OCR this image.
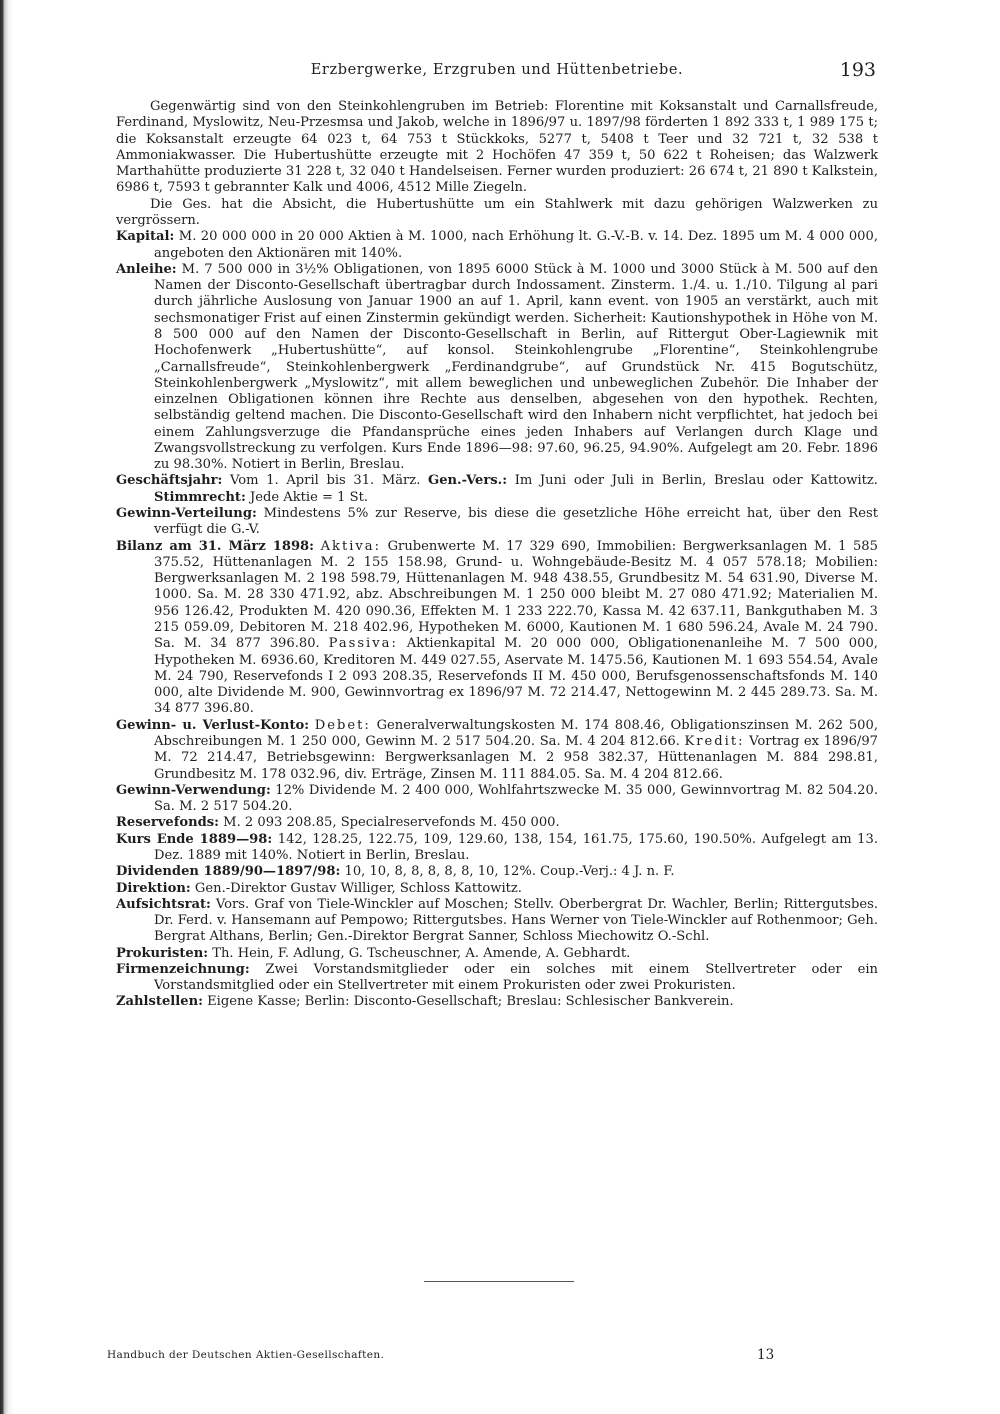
Erzbergwerke, Erzgruben und Hüttenbetriebe.	193

Gegenwärtig sind von den Steinkohlengruben im Betrieb: Florentine mit Koksanstalt und Carnallsfreude, Ferdinand, Myslowitz, Neu-Przesmsa und Jakob, welche in 1896/97 u. 1897/98 förderten 1 892 333 t, 1 989 175 t; die Koksanstalt erzeugte 64 023 t, 64 753 t Stückkoks, 5277 t, 5408 t Teer und 32 721 t, 32 538 t Ammoniakwasser. Die Hubertushütte erzeugte mit 2 Hochöfen 47 359 t, 50 622 t Roheisen; das Walzwerk Marthahütte produzierte 31 228 t, 32 040 t Handelseisen. Ferner wurden produziert: 26 674 t, 21 890 t Kalkstein, 6986 t, 7593 t gebrannter Kalk und 4006, 4512 Mille Ziegeln.

Die Ges. hat die Absicht, die Hubertushütte um ein Stahlwerk mit dazu gehörigen Walzwerken zu vergrössern.

Kapital: M. 20 000 000 in 20 000 Aktien à M. 1000, nach Erhöhung lt. G.-V.-B. v. 14. Dez. 1895 um M. 4 000 000, angeboten den Aktionären mit 140%.

Anleihe: M. 7 500 000 in 3½% Obligationen, von 1895 6000 Stück à M. 1000 und 3000 Stück à M. 500 auf den Namen der Disconto-Gesellschaft übertragbar durch Indossament. Zinsterm. 1./4. u. 1./10. Tilgung al pari durch jährliche Auslosung von Januar 1900 an auf 1. April, kann event. von 1905 an verstärkt, auch mit sechsmonatiger Frist auf einen Zinstermin gekündigt werden. Sicherheit: Kautionshypothek in Höhe von M. 8 500 000 auf den Namen der Disconto-Gesellschaft in Berlin, auf Rittergut Ober-Lagiewnik mit Hochofenwerk „Hubertushütte“, auf konsol. Steinkohlengrube „Florentine“, Steinkohlengrube „Carnallsfreude“, Steinkohlenbergwerk „Ferdinandgrube“, auf Grundstück Nr. 415 Bogutschütz, Steinkohlenbergwerk „Myslowitz“, mit allem beweglichen und unbeweglichen Zubehör. Die Inhaber der einzelnen Obligationen können ihre Rechte aus denselben, abgesehen von den hypothek. Rechten, selbständig geltend machen. Die Disconto-Gesellschaft wird den Inhabern nicht verpflichtet, hat jedoch bei einem Zahlungsverzuge die Pfandansprüche eines jeden Inhabers auf Verlangen durch Klage und Zwangsvollstreckung zu verfolgen. Kurs Ende 1896—98: 97.60, 96.25, 94.90%. Aufgelegt am 20. Febr. 1896 zu 98.30%. Notiert in Berlin, Breslau.

Geschäftsjahr: Vom 1. April bis 31. März. Gen.-Vers.: Im Juni oder Juli in Berlin, Breslau oder Kattowitz. Stimmrecht: Jede Aktie = 1 St.

Gewinn-Verteilung: Mindestens 5% zur Reserve, bis diese die gesetzliche Höhe erreicht hat, über den Rest verfügt die G.-V.

Bilanz am 31. März 1898: Aktiva: Grubenwerte M. 17 329 690, Immobilien: Bergwerksanlagen M. 1 585 375.52, Hüttenanlagen M. 2 155 158.98, Grund- u. Wohngebäude-Besitz M. 4 057 578.18; Mobilien: Bergwerksanlagen M. 2 198 598.79, Hüttenanlagen M. 948 438.55, Grundbesitz M. 54 631.90, Diverse M. 1000. Sa. M. 28 330 471.92, abz. Abschreibungen M. 1 250 000 bleibt M. 27 080 471.92; Materialien M. 956 126.42, Produkten M. 420 090.36, Effekten M. 1 233 222.70, Kassa M. 42 637.11, Bankguthaben M. 3 215 059.09, Debitoren M. 218 402.96, Hypotheken M. 6000, Kautionen M. 1 680 596.24, Avale M. 24 790. Sa. M. 34 877 396.80. Passiva: Aktienkapital M. 20 000 000, Obligationenanleihe M. 7 500 000, Hypotheken M. 6936.60, Kreditoren M. 449 027.55, Aservate M. 1475.56, Kautionen M. 1 693 554.54, Avale M. 24 790, Reservefonds I 2 093 208.35, Reservefonds II M. 450 000, Berufsgenossenschaftsfonds M. 140 000, alte Dividende M. 900, Gewinnvortrag ex 1896/97 M. 72 214.47, Nettogewinn M. 2 445 289.73. Sa. M. 34 877 396.80.

Gewinn- u. Verlust-Konto: Debet: Generalverwaltungskosten M. 174 808.46, Obligationszinsen M. 262 500, Abschreibungen M. 1 250 000, Gewinn M. 2 517 504.20. Sa. M. 4 204 812.66. Kredit: Vortrag ex 1896/97 M. 72 214.47, Betriebsgewinn: Bergwerksanlagen M. 2 958 382.37, Hüttenanlagen M. 884 298.81, Grundbesitz M. 178 032.96, div. Erträge, Zinsen M. 111 884.05. Sa. M. 4 204 812.66.

Gewinn-Verwendung: 12% Dividende M. 2 400 000, Wohlfahrtszwecke M. 35 000, Gewinnvortrag M. 82 504.20. Sa. M. 2 517 504.20.

Reservefonds: M. 2 093 208.85, Specialreservefonds M. 450 000.

Kurs Ende 1889—98: 142, 128.25, 122.75, 109, 129.60, 138, 154, 161.75, 175.60, 190.50%. Aufgelegt am 13. Dez. 1889 mit 140%. Notiert in Berlin, Breslau.

Dividenden 1889/90—1897/98: 10, 10, 8, 8, 8, 8, 8, 10, 12%. Coup.-Verj.: 4 J. n. F.

Direktion: Gen.-Direktor Gustav Williger, Schloss Kattowitz.

Aufsichtsrat: Vors. Graf von Tiele-Winckler auf Moschen; Stellv. Oberbergrat Dr. Wachler, Berlin; Rittergutsbes. Dr. Ferd. v. Hansemann auf Pempowo; Rittergutsbes. Hans Werner von Tiele-Winckler auf Rothenmoor; Geh. Bergrat Althans, Berlin; Gen.-Direktor Bergrat Sanner, Schloss Miechowitz O.-Schl.

Prokuristen: Th. Hein, F. Adlung, G. Tscheuschner, A. Amende, A. Gebhardt.

Firmenzeichnung: Zwei Vorstandsmitglieder oder ein solches mit einem Stellvertreter oder ein Vorstandsmitglied oder ein Stellvertreter mit einem Prokuristen oder zwei Prokuristen.

Zahlstellen: Eigene Kasse; Berlin: Disconto-Gesellschaft; Breslau: Schlesischer Bankverein.

Handbuch der Deutschen Aktien-Gesellschaften.	13
